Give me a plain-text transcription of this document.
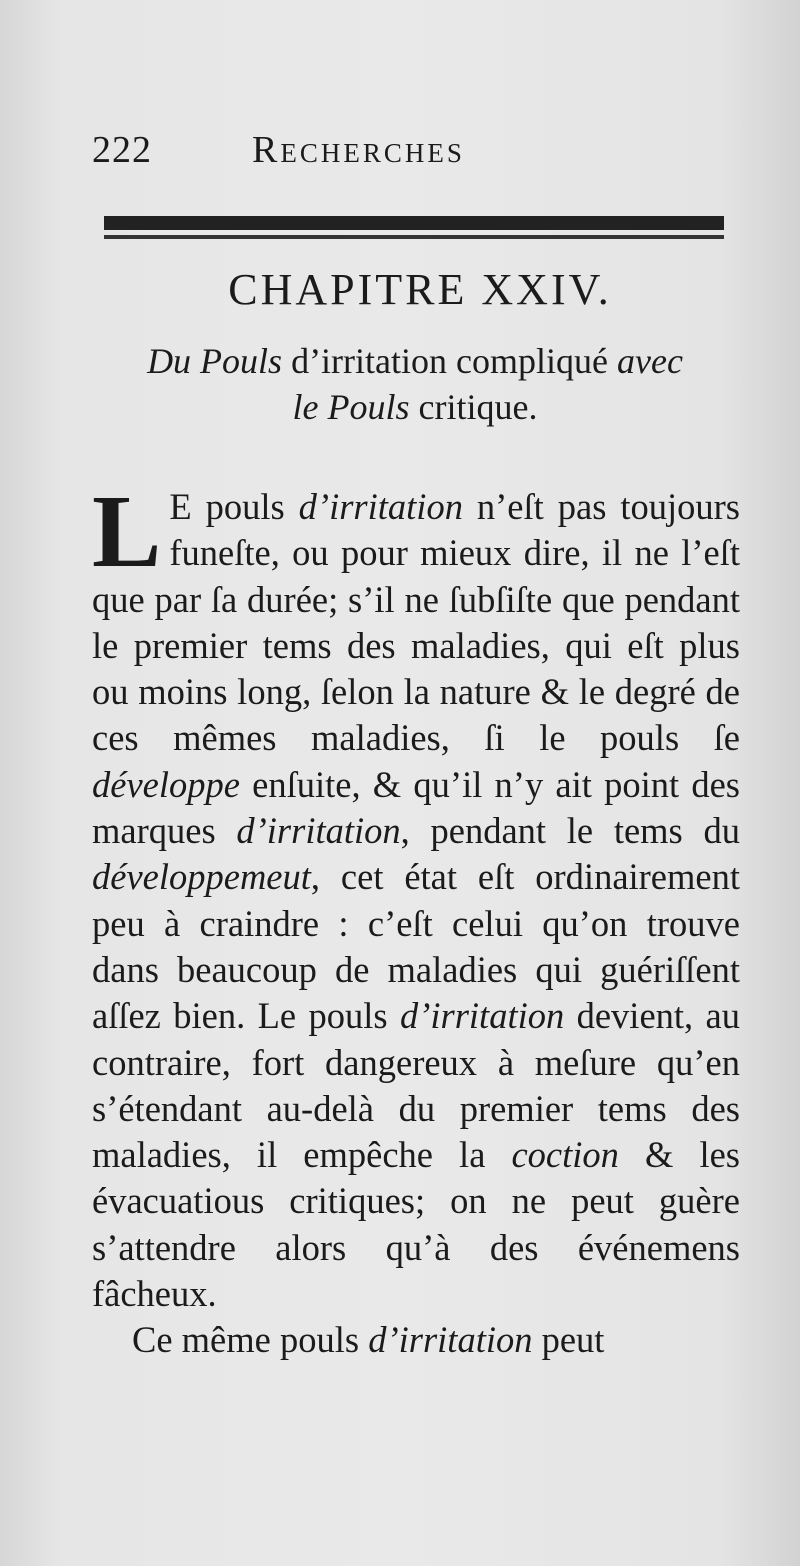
222	Recherches
CHAPITRE XXIV.
Du Pouls d’irritation compliqué avec
le Pouls critique.

L E pouls d’irritation n’eſt pas toujours funeſte, ou pour mieux dire, il ne l’eſt que par ſa durée; s’il ne ſubſiſte que pendant le premier tems des maladies, qui eſt plus ou moins long, ſelon la nature & le degré de ces mêmes maladies, ſi le pouls ſe développe enſuite, & qu’il n’y ait point des marques d’irritation, pendant le tems du développemeut, cet état eſt ordinairement peu à craindre : c’eſt celui qu’on trouve dans beaucoup de maladies qui guériſſent aſſez bien. Le pouls d’irritation devient, au contraire, fort dangereux à meſure qu’en s’étendant au-delà du premier tems des maladies, il empêche la coction & les évacuatious critiques; on ne peut guère s’attendre alors qu’à des événemens fâcheux.

Ce même pouls d’irritation peut
